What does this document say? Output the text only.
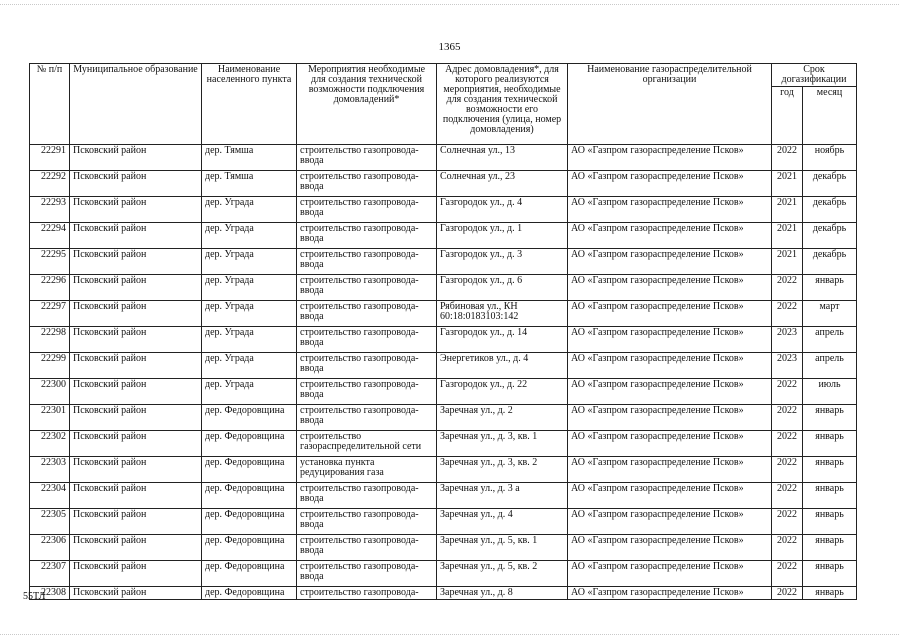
1365
№ п/п	Муниципальное образование	Наименование населенного пункта	Мероприятия необходимые для создания технической возможности подключения домовладений*	Адрес домовладения*, для которого реализуются мероприятия, необходимые для создания технической возможности его подключения (улица, номер домовладения)	Наименование газораспределительной организации	Срок догазификации	
						год	месяц
22291	Псковский район	дер. Тямша	строительство газопровода-ввода	Солнечная ул., 13	АО «Газпром газораспределение Псков»	2022	ноябрь
22292	Псковский район	дер. Тямша	строительство газопровода-ввода	Солнечная ул., 23	АО «Газпром газораспределение Псков»	2021	декабрь
22293	Псковский район	дер. Уграда	строительство газопровода-ввода	Газгородок ул., д. 4	АО «Газпром газораспределение Псков»	2021	декабрь
22294	Псковский район	дер. Уграда	строительство газопровода-ввода	Газгородок ул., д. 1	АО «Газпром газораспределение Псков»	2021	декабрь
22295	Псковский район	дер. Уграда	строительство газопровода-ввода	Газгородок ул., д. 3	АО «Газпром газораспределение Псков»	2021	декабрь
22296	Псковский район	дер. Уграда	строительство газопровода-ввода	Газгородок ул., д. 6	АО «Газпром газораспределение Псков»	2022	январь
22297	Псковский район	дер. Уграда	строительство газопровода-ввода	Рябиновая ул., КН 60:18:0183103:142	АО «Газпром газораспределение Псков»	2022	март
22298	Псковский район	дер. Уграда	строительство газопровода-ввода	Газгородок ул., д. 14	АО «Газпром газораспределение Псков»	2023	апрель
22299	Псковский район	дер. Уграда	строительство газопровода-ввода	Энергетиков ул., д. 4	АО «Газпром газораспределение Псков»	2023	апрель
22300	Псковский район	дер. Уграда	строительство газопровода-ввода	Газгородок ул., д. 22	АО «Газпром газораспределение Псков»	2022	июль
22301	Псковский район	дер. Федоровщина	строительство газопровода-ввода	Заречная ул., д. 2	АО «Газпром газораспределение Псков»	2022	январь
22302	Псковский район	дер. Федоровщина	строительство газораспределительной сети	Заречная ул., д. 3, кв. 1	АО «Газпром газораспределение Псков»	2022	январь
22303	Псковский район	дер. Федоровщина	установка пункта редуцирования газа	Заречная ул., д. 3, кв. 2	АО «Газпром газораспределение Псков»	2022	январь
22304	Псковский район	дер. Федоровщина	строительство газопровода-ввода	Заречная ул., д. 3 а	АО «Газпром газораспределение Псков»	2022	январь
22305	Псковский район	дер. Федоровщина	строительство газопровода-ввода	Заречная ул., д. 4	АО «Газпром газораспределение Псков»	2022	январь
22306	Псковский район	дер. Федоровщина	строительство газопровода-ввода	Заречная ул., д. 5, кв. 1	АО «Газпром газораспределение Псков»	2022	январь
22307	Псковский район	дер. Федоровщина	строительство газопровода-ввода	Заречная ул., д. 5, кв. 2	АО «Газпром газораспределение Псков»	2022	январь
22308	Псковский район	дер. Федоровщина	строительство газопровода-	Заречная ул., д. 8	АО «Газпром газораспределение Псков»	2022	январь
55ТЛ
